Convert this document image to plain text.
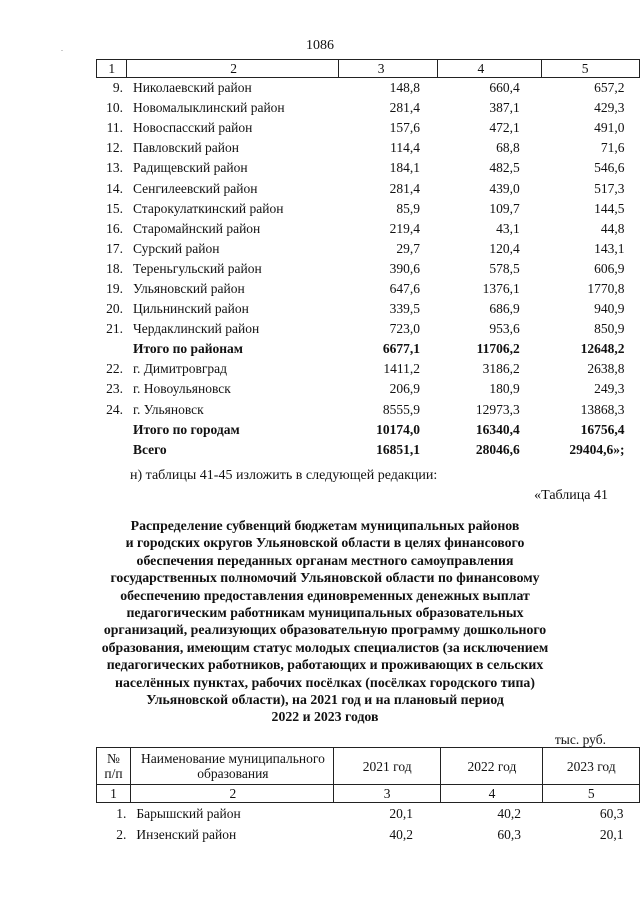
1086
1	2	3	4	5
9.	Николаевский район	148,8	660,4	657,2
10.	Новомалыклинский район	281,4	387,1	429,3
11.	Новоспасский район	157,6	472,1	491,0
12.	Павловский район	114,4	68,8	71,6
13.	Радищевский район	184,1	482,5	546,6
14.	Сенгилеевский район	281,4	439,0	517,3
15.	Старокулаткинский район	85,9	109,7	144,5
16.	Старомайнский район	219,4	43,1	44,8
17.	Сурский район	29,7	120,4	143,1
18.	Тереньгульский район	390,6	578,5	606,9
19.	Ульяновский район	647,6	1376,1	1770,8
20.	Цильнинский район	339,5	686,9	940,9
21.	Чердаклинский район	723,0	953,6	850,9
	Итого по районам	6677,1	11706,2	12648,2
22.	г. Димитровград	1411,2	3186,2	2638,8
23.	г. Новоульяновск	206,9	180,9	249,3
24.	г. Ульяновск	8555,9	12973,3	13868,3
	Итого по городам	10174,0	16340,4	16756,4
	Всего	16851,1	28046,6	29404,6»;
н) таблицы 41-45 изложить в следующей редакции:
«Таблица 41
Распределение субвенций бюджетам муниципальных районов
и городских округов Ульяновской области в целях финансового
обеспечения переданных органам местного самоуправления
государственных полномочий Ульяновской области по финансовому
обеспечению предоставления единовременных денежных выплат
педагогическим работникам муниципальных образовательных
организаций, реализующих образовательную программу дошкольного
образования, имеющим статус молодых специалистов (за исключением
педагогических работников, работающих и проживающих в сельских
населённых пунктах, рабочих посёлках (посёлках городского типа)
Ульяновской области), на 2021 год и на плановый период
2022 и 2023 годов
тыс. руб.
№ п/п	Наименование муниципального образования	2021 год	2022 год	2023 год
1	2	3	4	5
1.	Барышский район	20,1	40,2	60,3
2.	Инзенский район	40,2	60,3	20,1
